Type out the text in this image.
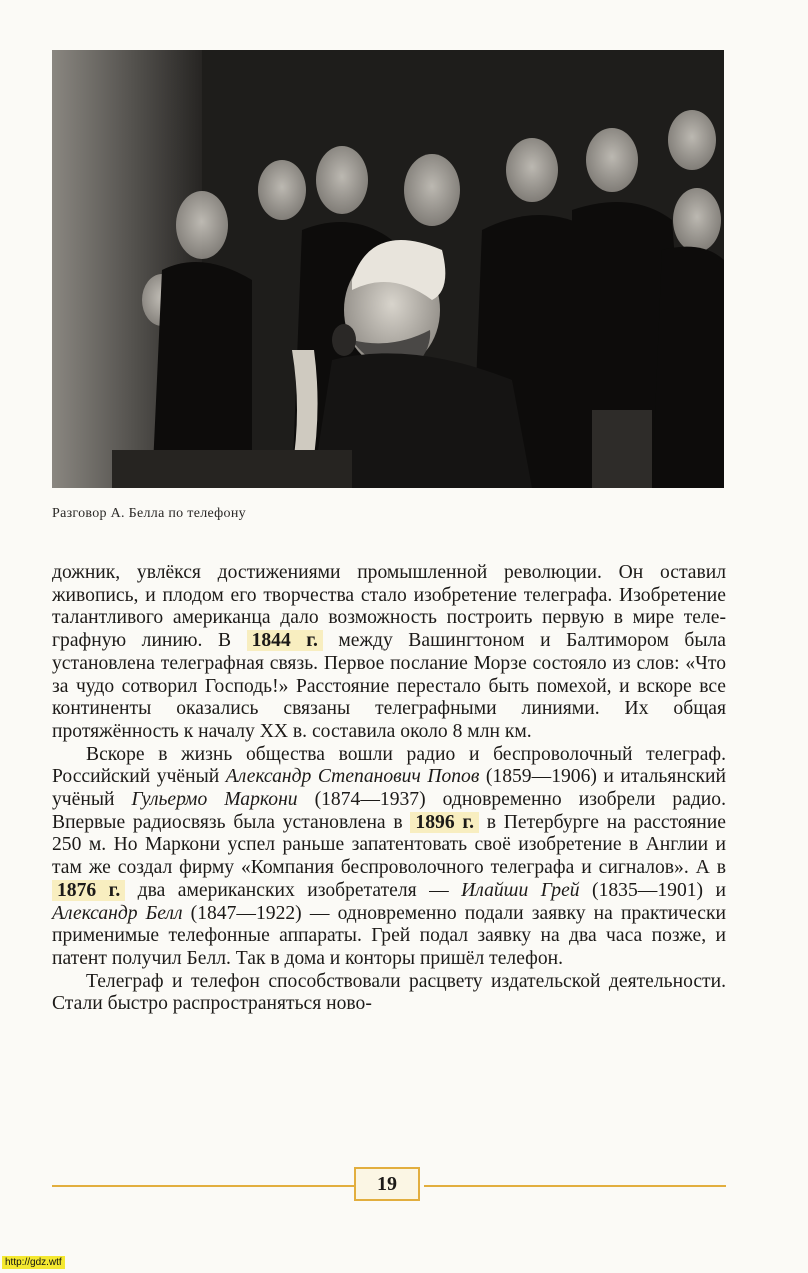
Разговор А. Белла по телефону

дожник, увлёкся достижениями промышленной революции. Он оставил живопись, и плодом его творчества стало изобретение телеграфа. Изобретение талантливого американца дало возможность построить первую в мире телеграфную линию. В 1844 г. между Вашингтоном и Балтимором была установлена телеграфная связь. Первое послание Морзе состояло из слов: «Что за чудо сотворил Господь!» Расстояние перестало быть помехой, и вскоре все континенты оказались связаны телеграфными линиями. Их общая протяжённость к началу XX в. составила около 8 млн км.

Вскоре в жизнь общества вошли радио и беспроволочный телеграф. Российский учёный Александр Степанович Попов (1859—1906) и итальянский учёный Гульермо Маркони (1874—1937) одновременно изобрели радио. Впервые радиосвязь была установлена в 1896 г. в Петербурге на расстояние 250 м. Но Маркони успел раньше запатентовать своё изобретение в Англии и там же создал фирму «Компания беспроволочного телеграфа и сигналов». А в 1876 г. два американских изобретателя — Илайши Грей (1835—1901) и Александр Белл (1847—1922) — одновременно подали заявку на практически применимые телефонные аппараты. Грей подал заявку на два часа позже, и патент получил Белл. Так в дома и конторы пришёл телефон.

Телеграф и телефон способствовали расцвету издательской деятельности. Стали быстро распространяться ново-

19
http://gdz.wtf
